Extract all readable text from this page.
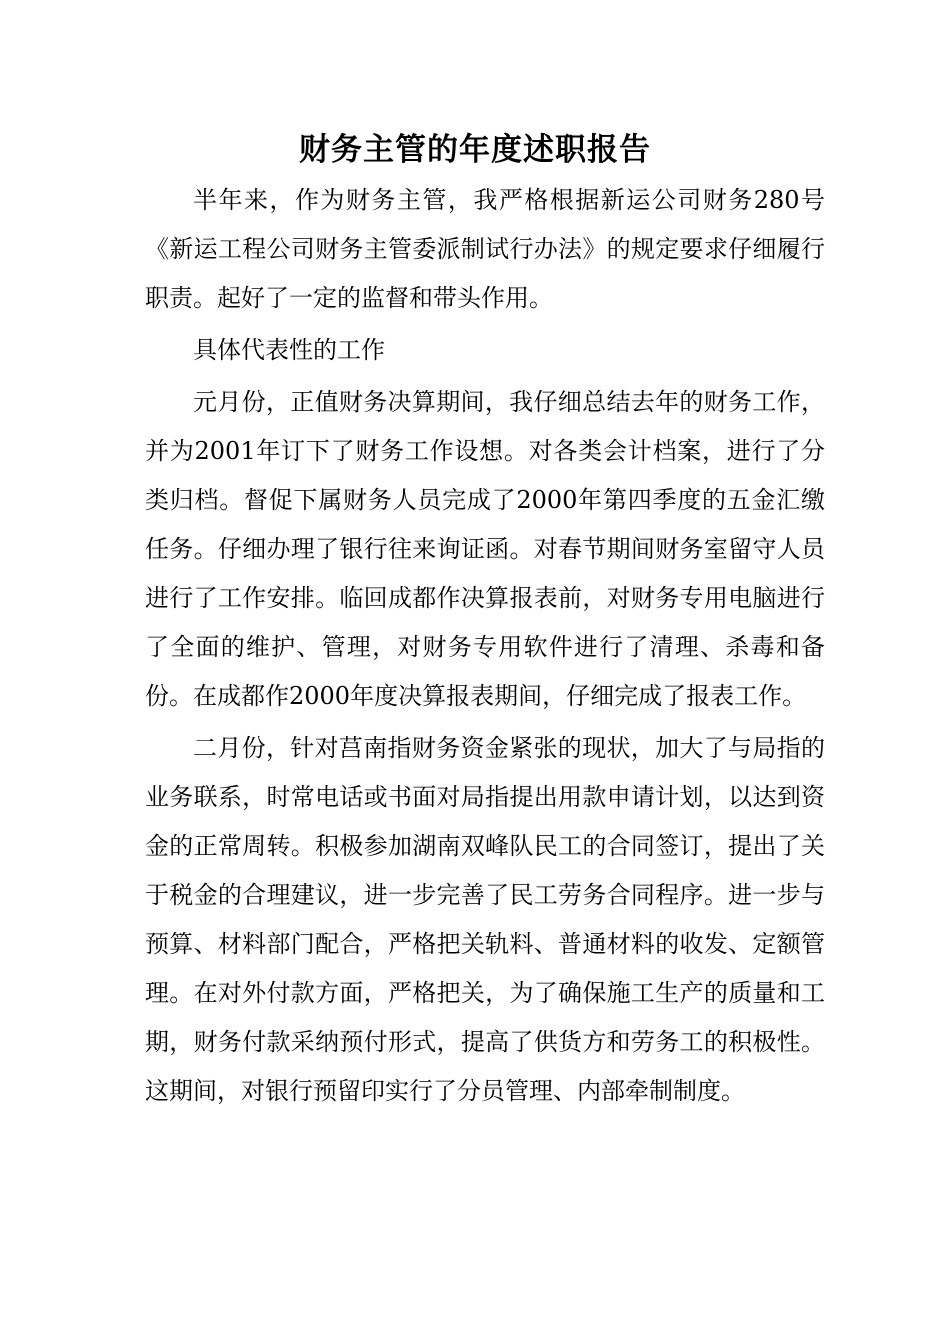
财务主管的年度述职报告

半年来，作为财务主管，我严格根据新运公司财务280号《新运工程公司财务主管委派制试行办法》的规定要求仔细履行职责。起好了一定的监督和带头作用。

具体代表性的工作

元月份，正值财务决算期间，我仔细总结去年的财务工作，并为2001年订下了财务工作设想。对各类会计档案，进行了分类归档。督促下属财务人员完成了2000年第四季度的五金汇缴任务。仔细办理了银行往来询证函。对春节期间财务室留守人员进行了工作安排。临回成都作决算报表前，对财务专用电脑进行了全面的维护、管理，对财务专用软件进行了清理、杀毒和备份。在成都作2000年度决算报表期间，仔细完成了报表工作。

二月份，针对莒南指财务资金紧张的现状，加大了与局指的业务联系，时常电话或书面对局指提出用款申请计划，以达到资金的正常周转。积极参加湖南双峰队民工的合同签订，提出了关于税金的合理建议，进一步完善了民工劳务合同程序。进一步与预算、材料部门配合，严格把关轨料、普通材料的收发、定额管理。在对外付款方面，严格把关，为了确保施工生产的质量和工期，财务付款采纳预付形式，提高了供货方和劳务工的积极性。这期间，对银行预留印实行了分员管理、内部牵制制度。
